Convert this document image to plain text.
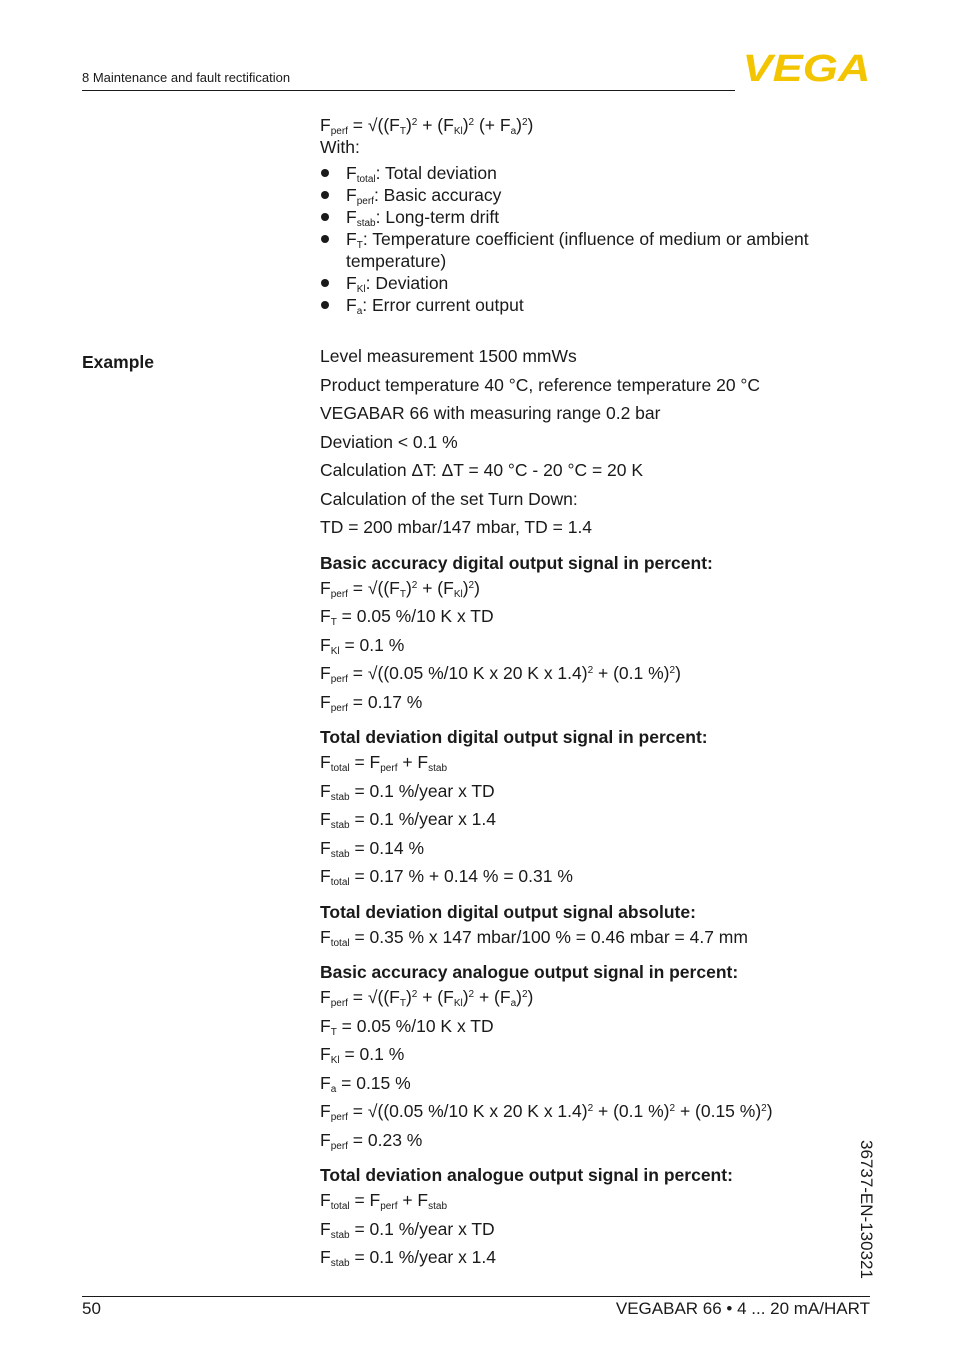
8 Maintenance and fault rectification	VEGA
Example
$F_{perf} = √((F_T)^2 + (F_{Kl})^2$ (+ $F_a)^2$)
With:
$F_{total}$: Total deviation
$F_{perf}$: Basic accuracy
$F_{stab}$: Long-term drift
$F_T$: Temperature coefficient (influence of medium or ambient temperature)
$F_{Kl}$: Deviation
$F_a$: Error current output
Level measurement 1500 mmWs
Product temperature 40 °C, reference temperature 20 °C
VEGABAR 66 with measuring range 0.2 bar
Deviation < 0.1 %
Calculation ΔT: ΔT = 40 °C - 20 °C = 20 K
Calculation of the set Turn Down:
TD = 200 mbar/147 mbar, TD = 1.4
Basic accuracy digital output signal in percent:
$F_{perf} = √((F_T)^2 + (F_{Kl})^2)$
$F_T = 0.05$ %/10 K x TD
$F_{Kl} = 0.1$ %
$F_{perf} = √((0.05$ %/10 K x 20 K x 1.4)$^2$ + (0.1 %)$^2$)
$F_{perf} = 0.17$ %
Total deviation digital output signal in percent:
$F_{total} = F_{perf} + F_{stab}$
$F_{stab} = 0.1$ %/year x TD
$F_{stab} = 0.1$ %/year x 1.4
$F_{stab} = 0.14$ %
$F_{total} = 0.17$ % + 0.14 % = 0.31 %
Total deviation digital output signal absolute:
$F_{total} = 0.35$ % x 147 mbar/100 % = 0.46 mbar = 4.7 mm
Basic accuracy analogue output signal in percent:
$F_{perf} = √((F_T)^2 + (F_{Kl})^2 + (F_a)^2)$
$F_T = 0.05$ %/10 K x TD
$F_{Kl} = 0.1$ %
$F_a = 0.15$ %
$F_{perf} = √((0.05$ %/10 K x 20 K x 1.4)$^2$ + (0.1 %)$^2$ + (0.15 %)$^2$)
$F_{perf} = 0.23$ %
Total deviation analogue output signal in percent:
$F_{total} = F_{perf} + F_{stab}$
$F_{stab} = 0.1$ %/year x TD
$F_{stab} = 0.1$ %/year x 1.4	36737-EN-130321
50	VEGABAR 66 • 4 ... 20 mA/HART
